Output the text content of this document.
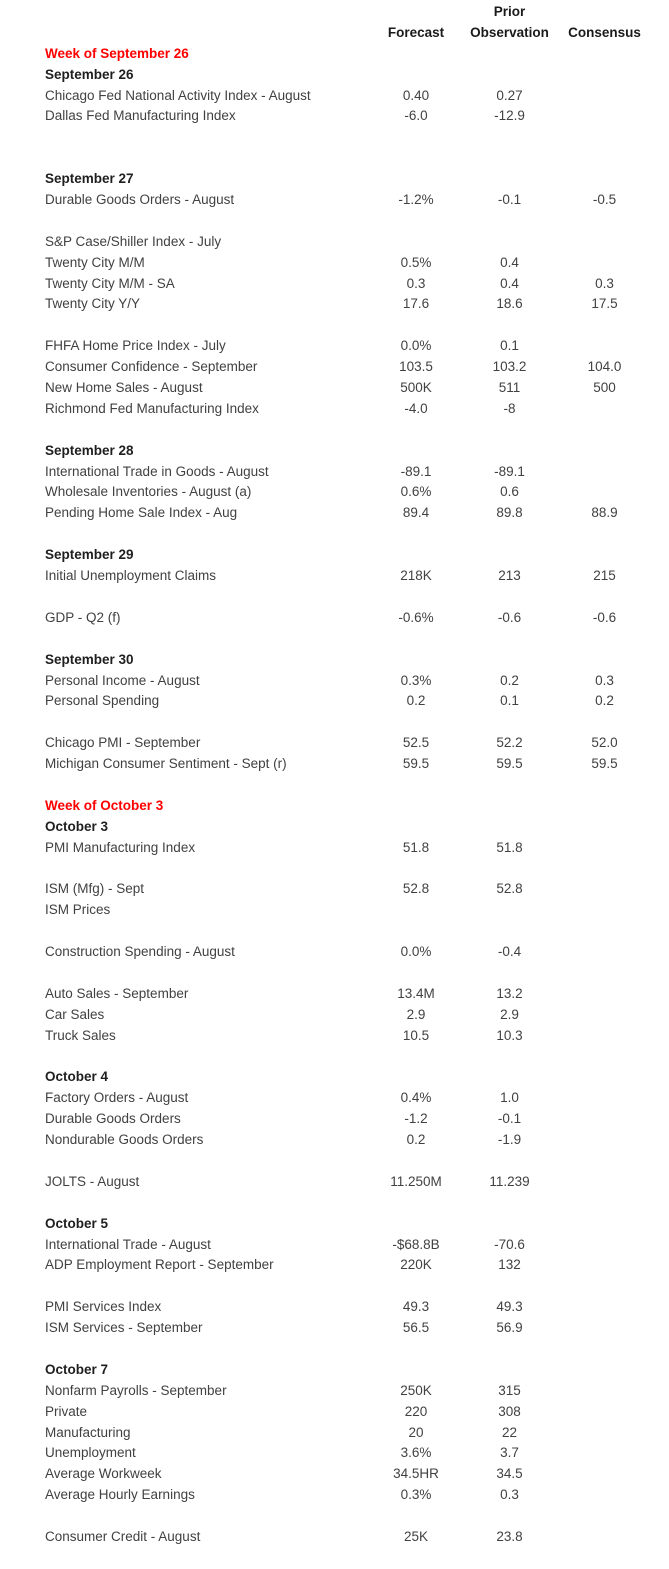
Prior
Forecast	Observation	Consensus
Week of September 26
September 26
Chicago Fed National Activity Index - August	0.40	0.27
Dallas Fed Manufacturing Index	-6.0	-12.9
September 27
Durable Goods Orders - August	-1.2%	-0.1	-0.5
S&P Case/Shiller Index - July
Twenty City M/M	0.5%	0.4
Twenty City M/M - SA	0.3	0.4	0.3
Twenty City Y/Y	17.6	18.6	17.5
FHFA Home Price Index - July	0.0%	0.1
Consumer Confidence - September	103.5	103.2	104.0
New Home Sales - August	500K	511	500
Richmond Fed Manufacturing Index	-4.0	-8
September 28
International Trade in Goods - August	-89.1	-89.1
Wholesale Inventories - August (a)	0.6%	0.6
Pending Home Sale Index - Aug	89.4	89.8	88.9
September 29
Initial Unemployment Claims	218K	213	215
GDP - Q2 (f)	-0.6%	-0.6	-0.6
September 30
Personal Income - August	0.3%	0.2	0.3
Personal Spending	0.2	0.1	0.2
Chicago PMI - September	52.5	52.2	52.0
Michigan Consumer Sentiment - Sept (r)	59.5	59.5	59.5
Week of October 3
October 3
PMI Manufacturing Index	51.8	51.8
ISM (Mfg) - Sept	52.8	52.8
ISM Prices
Construction Spending - August	0.0%	-0.4
Auto Sales - September	13.4M	13.2
Car Sales	2.9	2.9
Truck Sales	10.5	10.3
October 4
Factory Orders - August	0.4%	1.0
Durable Goods Orders	-1.2	-0.1
Nondurable Goods Orders	0.2	-1.9
JOLTS - August	11.250M	11.239
October 5
International Trade - August	-$68.8B	-70.6
ADP Employment Report - September	220K	132
PMI Services Index	49.3	49.3
ISM Services - September	56.5	56.9
October 7
Nonfarm Payrolls - September	250K	315
Private	220	308
Manufacturing	20	22
Unemployment	3.6%	3.7
Average Workweek	34.5HR	34.5
Average Hourly Earnings	0.3%	0.3
Consumer Credit - August	25K	23.8
